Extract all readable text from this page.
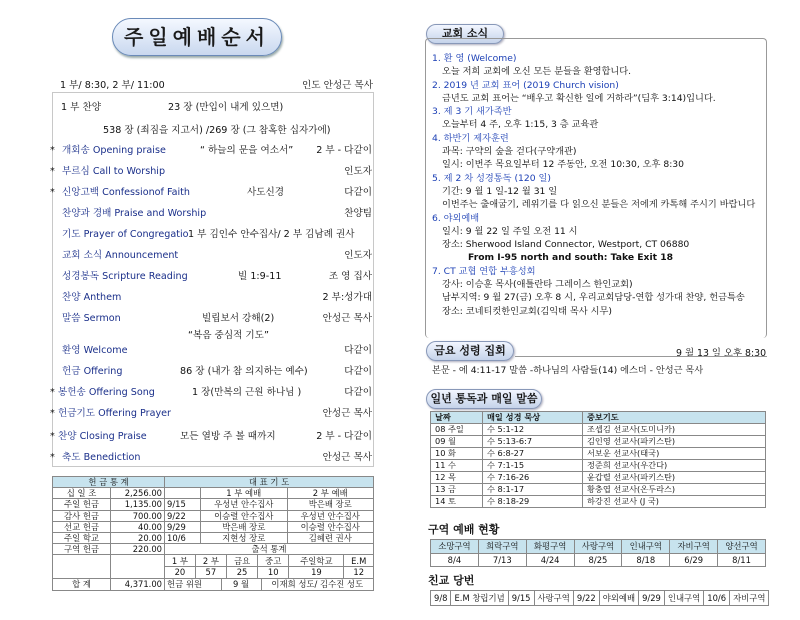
주일예배순서
1 부/ 8:30, 2 부/ 11:00	인도 안성근 목사
1 부 찬양	23 장 (만입이 내게 있으면)
538 장 (죄짐을 지고서) /269 장 (그 참혹한 십자가에)
* 개회송 Opening praise	“ 하늘의 문을 여소서” 2 부 - 다같이
* 부르심 Call to Worship	인도자
* 신앙고백 Confessionof Faith	사도신경	다같이
찬양과 경배 Praise and Worship	찬양팀
기도 Prayer of Congregatio 1 부 김인수 안수집사/ 2 부 김남례 권사
교회 소식 Announcement	인도자
성경봉독 Scripture Reading	빌 1:9-11	조 영 집사
찬양 Anthem	2 부:성가대
말씀 Sermon	빌립보서 강해(2)	안성근 목사
“복음 중심적 기도”
환영 Welcome	다같이
헌금 Offering	86 장 (내가 참 의지하는 예수)	다같이
* 봉헌송 Offering Song	1 장(만복의 근원 하나님 )	다같이
* 헌금기도 Offering Prayer	안성근 목사
* 찬양 Closing Praise	모든 열방 주 볼 때까지	2 부 - 다같이
* 축도 Benediction	안성근 목사
헌 금 통 계	대 표 기 도
십 일 조	2,256.00		1 부 예배	2 부 예배
주일 헌금	1,135.00	9/15	우성년 안수집사	박은배 장로
감사 헌금	700.00	9/22	이승렬 안수집사	우성년 안수집사
선교 헌금	40.00	9/29	박은배 장로	이승렬 안수집사
주일 학교	20.00	10/6	지현성 장로	김혜련 권사
구역 헌금	220.00	출석 통계

1 부	2 부	금요	중고	주일학교	E.M
20	57	25	10	19	12

합 계	4,371.00	헌금 위원	9 월	이재희 성도/ 김수진 성도
교회 소식
1. 환 영 (Welcome)
오늘 저희 교회에 오신 모든 분들을 환영합니다.
2. 2019 년 교회 표어 (2019 Church vision)
금년도 교회 표어는 “배우고 확신한 일에 거하라”(딤후 3:14)입니다.
3. 제 3 기 새가족반
오늘부터 4 주, 오후 1:15, 3 층 교육관
4. 하반기 제자훈련
과목: 구약의 숲을 걷다(구약개관)
일시: 이번주 목요일부터 12 주동안, 오전 10:30, 오후 8:30
5. 제 2 차 성경통독 (120 일)
기간: 9 월 1 일-12 월 31 일
이번주는 출애굽기, 레위기를 다 읽으신 분들은 저에게 카톡해 주시기 바랍니다
6. 야외예배
일시: 9 월 22 일 주일 오전 11 시
장소: Sherwood Island Connector, Westport, CT 06880
From I-95 north and south: Take Exit 18
7. CT 교협 연합 부흥성회
강사: 이승훈 목사(애틀란타 그레이스 한인교회)
남부지역: 9 월 27(금) 오후 8 시, 우리교회담당-연합 성가대 찬양, 헌금특송
장소: 코네티컷한인교회(김익태 목사 시무)
금요 성령 집회	9 월 13 일 오후 8:30
본문 - 에 4:11-17 말씀 -하나님의 사람들(14) 에스더 - 안성근 목사
일년 통독과 매일 말씀
날짜	매일 성경 묵상	중보기도
08 주일	수 5:1-12	조셉김 선교사(도미니카)
09 월	수 5:13-6:7	김인영 선교사(파키스탄)
10 화	수 6:8-27	서보운 선교사(태국)
11 수	수 7:1-15	정준희 선교사(우간다)
12 목	수 7:16-26	윤갑렬 선교사(파키스탄)
13 금	수 8:1-17	황충엽 선교사(온두라스)
14 토	수 8:18-29	하강진 선교사 (J 국)
구역 예배 현황
소망구역	희락구역	화평구역	사랑구역	인내구역	자비구역	양선구역
8/4	7/13	4/24	8/25	8/18	6/29	8/11
친교 당번
9/8	E.M 창립기념	9/15	사랑구역	9/22	야외예배	9/29	인내구역	10/6	자비구역
